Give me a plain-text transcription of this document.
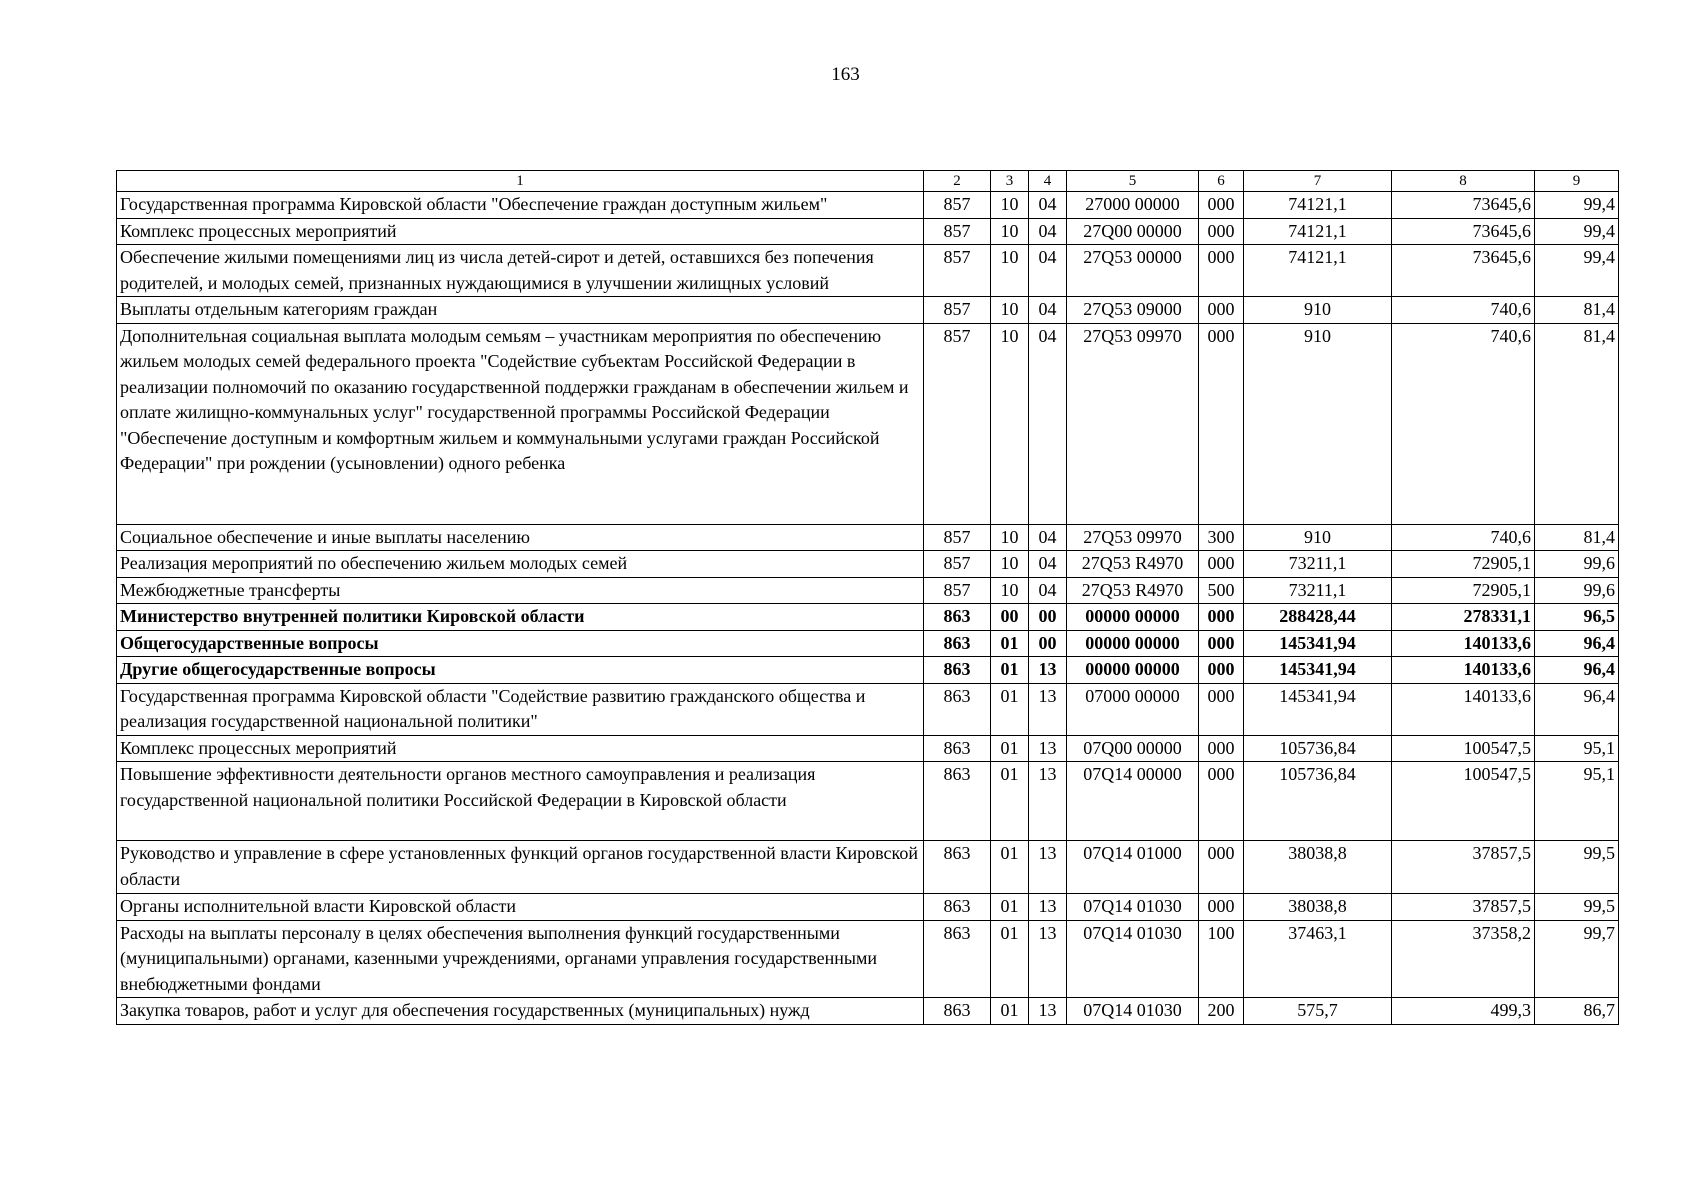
163
1	2	3	4	5	6	7	8	9
Государственная программа Кировской области "Обеспечение граждан доступным жильем"	857	10	04	27000 00000	000	74121,1	73645,6	99,4
Комплекс процессных мероприятий	857	10	04	27Q00 00000	000	74121,1	73645,6	99,4
Обеспечение жилыми помещениями лиц из числа детей-сирот и детей, оставшихся без попечения родителей, и молодых семей, признанных нуждающимися в улучшении жилищных условий	857	10	04	27Q53 00000	000	74121,1	73645,6	99,4
Выплаты отдельным категориям граждан	857	10	04	27Q53 09000	000	910	740,6	81,4
Дополнительная социальная выплата молодым семьям – участникам мероприятия по обеспечению жильем молодых семей федерального проекта "Содействие субъектам Российской Федерации в реализации полномочий по оказанию государственной поддержки гражданам в обеспечении жильем и оплате жилищно-коммунальных услуг" государственной программы Российской Федерации "Обеспечение доступным и комфортным жильем и коммунальными услугами граждан Российской Федерации" при рождении (усыновлении) одного ребенка	857	10	04	27Q53 09970	000	910	740,6	81,4
Социальное обеспечение и иные выплаты населению	857	10	04	27Q53 09970	300	910	740,6	81,4
Реализация мероприятий по обеспечению жильем молодых семей	857	10	04	27Q53 R4970	000	73211,1	72905,1	99,6
Межбюджетные трансферты	857	10	04	27Q53 R4970	500	73211,1	72905,1	99,6
Министерство внутренней политики Кировской области	863	00	00	00000 00000	000	288428,44	278331,1	96,5
Общегосударственные вопросы	863	01	00	00000 00000	000	145341,94	140133,6	96,4
Другие общегосударственные вопросы	863	01	13	00000 00000	000	145341,94	140133,6	96,4
Государственная программа Кировской области "Содействие развитию гражданского общества и реализация государственной национальной политики"	863	01	13	07000 00000	000	145341,94	140133,6	96,4
Комплекс процессных мероприятий	863	01	13	07Q00 00000	000	105736,84	100547,5	95,1
Повышение эффективности деятельности органов местного самоуправления и реализация государственной национальной политики Российской Федерации в Кировской области	863	01	13	07Q14 00000	000	105736,84	100547,5	95,1
Руководство и управление в сфере установленных функций органов государственной власти Кировской области	863	01	13	07Q14 01000	000	38038,8	37857,5	99,5
Органы исполнительной власти Кировской области	863	01	13	07Q14 01030	000	38038,8	37857,5	99,5
Расходы на выплаты персоналу в целях обеспечения выполнения функций государственными (муниципальными) органами, казенными учреждениями, органами управления государственными внебюджетными фондами	863	01	13	07Q14 01030	100	37463,1	37358,2	99,7
Закупка товаров, работ и услуг для обеспечения государственных (муниципальных) нужд	863	01	13	07Q14 01030	200	575,7	499,3	86,7
